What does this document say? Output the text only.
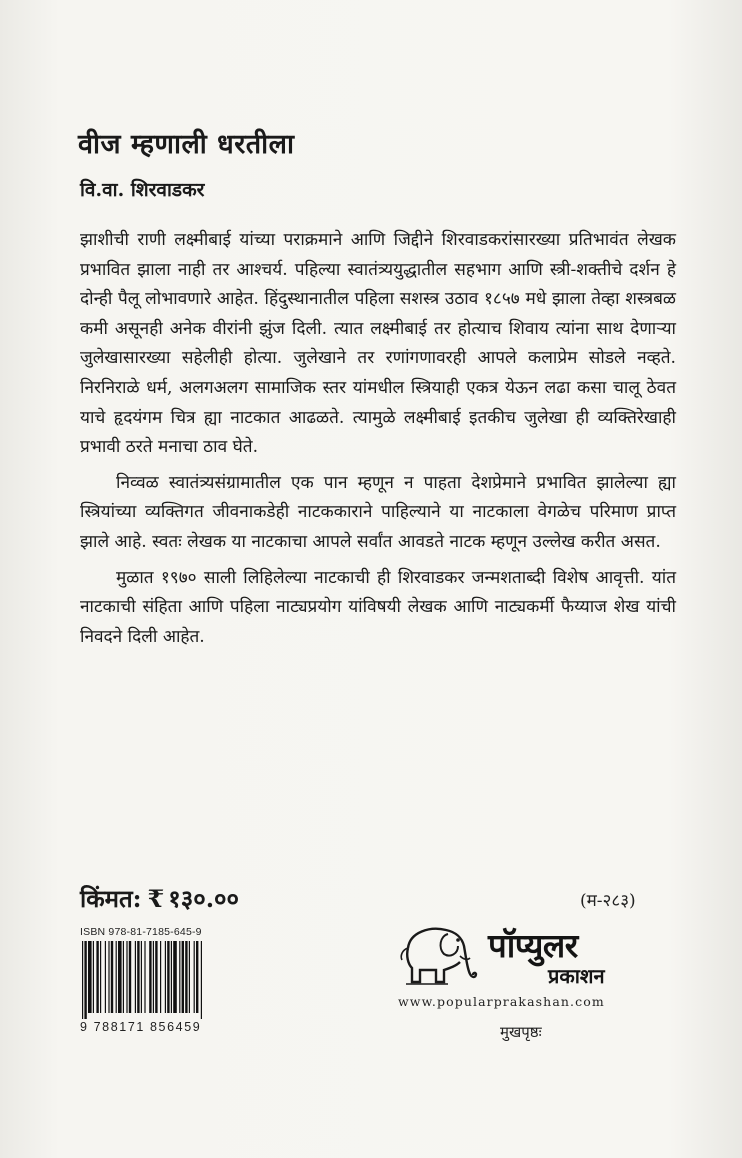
वीज म्हणाली धरतीला
वि.वा. शिरवाडकर

झाशीची राणी लक्ष्मीबाई यांच्या पराक्रमाने आणि जिद्दीने शिरवाडकरांसारख्या प्रतिभावंत लेखक प्रभावित झाला नाही तर आश्चर्य. पहिल्या स्वातंत्र्ययुद्धातील सहभाग आणि स्त्री-शक्तीचे दर्शन हे दोन्ही पैलू लोभावणारे आहेत. हिंदुस्थानातील पहिला सशस्त्र उठाव १८५७ मधे झाला तेव्हा शस्त्रबळ कमी असूनही अनेक वीरांनी झुंज दिली. त्यात लक्ष्मीबाई तर होत्याच शिवाय त्यांना साथ देणाऱ्या जुलेखासारख्या सहेलीही होत्या. जुलेखाने तर रणांगणावरही आपले कलाप्रेम सोडले नव्हते. निरनिराळे धर्म, अलगअलग सामाजिक स्तर यांमधील स्त्रियाही एकत्र येऊन लढा कसा चालू ठेवत याचे हृदयंगम चित्र ह्या नाटकात आढळते. त्यामुळे लक्ष्मीबाई इतकीच जुलेखा ही व्यक्तिरेखाही प्रभावी ठरते मनाचा ठाव घेते.

निव्वळ स्वातंत्र्यसंग्रामातील एक पान म्हणून न पाहता देशप्रेमाने प्रभावित झालेल्या ह्या स्त्रियांच्या व्यक्तिगत जीवनाकडेही नाटककाराने पाहिल्याने या नाटकाला वेगळेच परिमाण प्राप्त झाले आहे. स्वतः लेखक या नाटकाचा आपले सर्वांत आवडते नाटक म्हणून उल्लेख करीत असत.

मुळात १९७० साली लिहिलेल्या नाटकाची ही शिरवाडकर जन्मशताब्दी विशेष आवृत्ती. यांत नाटकाची संहिता आणि पहिला नाट्यप्रयोग यांविषयी लेखक आणि नाट्यकर्मी फैय्याज शेख यांची निवदने दिली आहेत.

किंमत: ₹ १३०.००	(म-२८३)
ISBN 978-81-7185-645-9
9 788171 856459
पॉप्युलर
प्रकाशन
www.popularprakashan.com
मुखपृष्ठः
